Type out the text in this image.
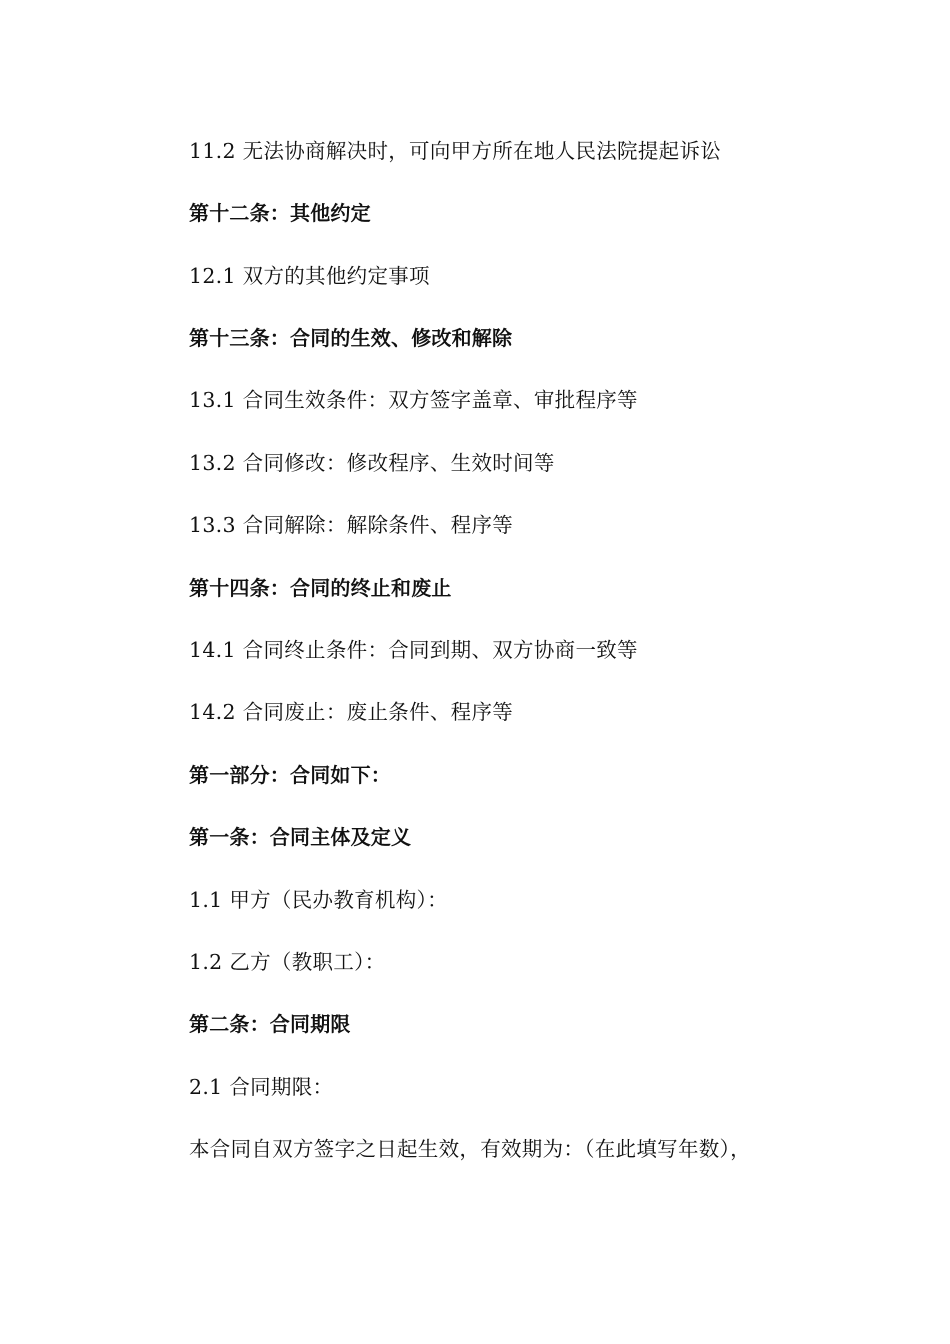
11.2 无法协商解决时，可向甲方所在地人民法院提起诉讼
第十二条：其他约定
12.1 双方的其他约定事项
第十三条：合同的生效、修改和解除
13.1 合同生效条件：双方签字盖章、审批程序等
13.2 合同修改：修改程序、生效时间等
13.3 合同解除：解除条件、程序等
第十四条：合同的终止和废止
14.1 合同终止条件：合同到期、双方协商一致等
14.2 合同废止：废止条件、程序等
第一部分：合同如下：
第一条：合同主体及定义
1.1 甲方（民办教育机构）：
1.2 乙方（教职工）：
第二条：合同期限
2.1 合同期限：
本合同自双方签字之日起生效，有效期为：（在此填写年数），
